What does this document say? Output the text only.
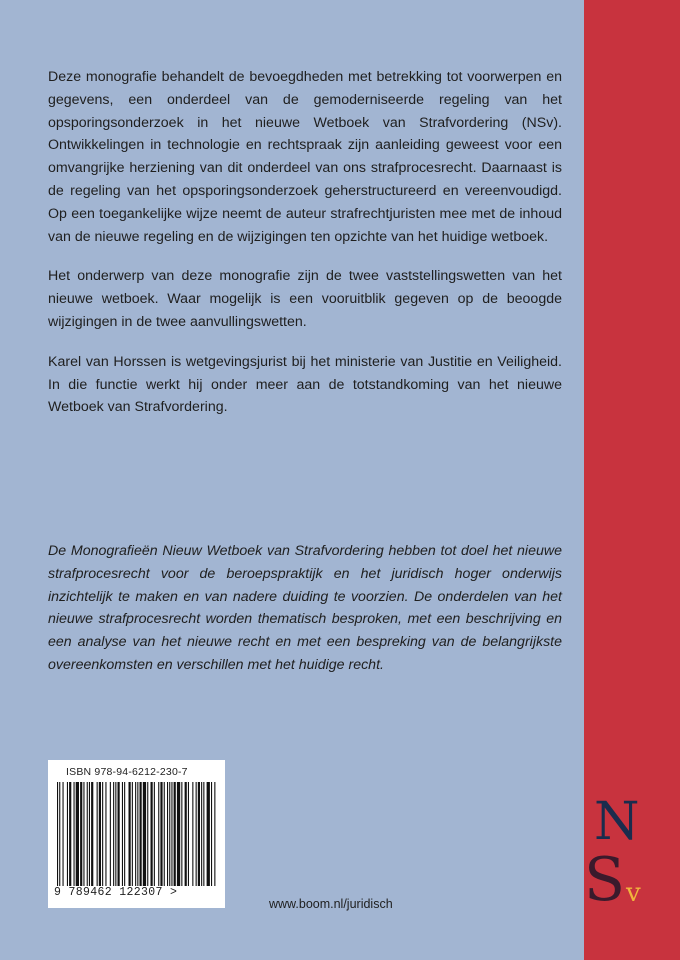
Deze monografie behandelt de bevoegdheden met betrekking tot voorwerpen en gegevens, een onderdeel van de gemoderniseerde regeling van het opsporingsonderzoek in het nieuwe Wetboek van Strafvordering (NSv). Ontwikkelingen in technologie en rechtspraak zijn aanleiding geweest voor een omvangrijke herziening van dit onderdeel van ons strafprocesrecht. Daarnaast is de regeling van het opsporingsonderzoek geherstructureerd en vereenvoudigd. Op een toegankelijke wijze neemt de auteur strafrechtjuristen mee met de inhoud van de nieuwe regeling en de wijzigingen ten opzichte van het huidige wetboek.

Het onderwerp van deze monografie zijn de twee vaststellingswetten van het nieuwe wetboek. Waar mogelijk is een vooruitblik gegeven op de beoogde wijzigingen in de twee aanvullingswetten.

Karel van Horssen is wetgevingsjurist bij het ministerie van Justitie en Veiligheid. In die functie werkt hij onder meer aan de totstandkoming van het nieuwe Wetboek van Strafvordering.

De Monografieën Nieuw Wetboek van Strafvordering hebben tot doel het nieuwe strafprocesrecht voor de beroepspraktijk en het juridisch hoger onderwijs inzichtelijk te maken en van nadere duiding te voorzien. De onderdelen van het nieuwe strafprocesrecht worden thematisch besproken, met een beschrijving en een analyse van het nieuwe recht en met een bespreking van de belangrijkste overeenkomsten en verschillen met het huidige recht.

ISBN 978-94-6212-230-7
9 789462 122307 >
www.boom.nl/juridisch
N
S v
